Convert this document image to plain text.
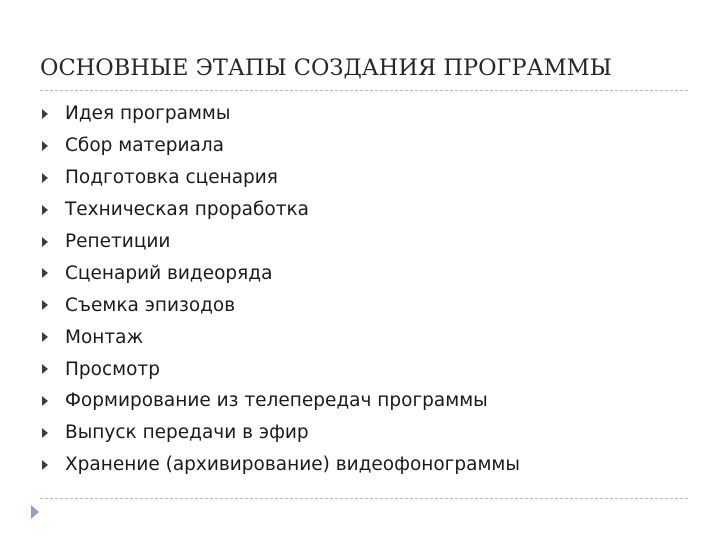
ОСНОВНЫЕ ЭТАПЫ СОЗДАНИЯ ПРОГРАММЫ
Идея программы
Сбор материала
Подготовка сценария
Техническая проработка
Репетиции
Сценарий видеоряда
Съемка эпизодов
Монтаж
Просмотр
Формирование из телепередач программы
Выпуск передачи в эфир
Хранение (архивирование) видеофонограммы
